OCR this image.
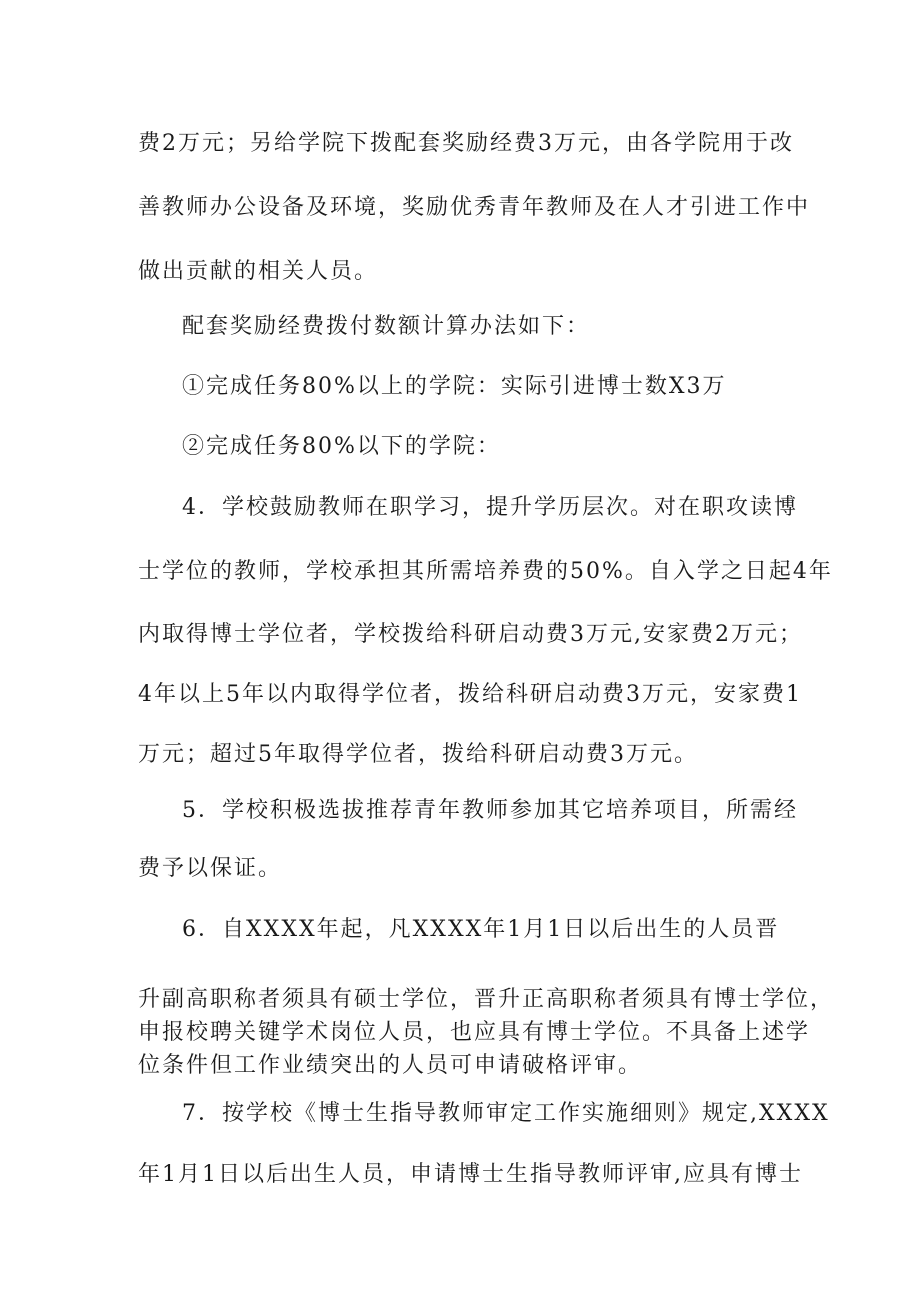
费2万元；另给学院下拨配套奖励经费3万元，由各学院用于改
善教师办公设备及环境，奖励优秀青年教师及在人才引进工作中
做出贡献的相关人员。
配套奖励经费拨付数额计算办法如下：
①完成任务80%以上的学院：实际引进博士数X3万
②完成任务80%以下的学院：
4．学校鼓励教师在职学习，提升学历层次。对在职攻读博
士学位的教师，学校承担其所需培养费的50%。自入学之日起4年
内取得博士学位者，学校拨给科研启动费3万元,安家费2万元；
4年以上5年以内取得学位者，拨给科研启动费3万元，安家费1
万元；超过5年取得学位者，拨给科研启动费3万元。
5．学校积极选拔推荐青年教师参加其它培养项目，所需经
费予以保证。
6．自XXXX年起，凡XXXX年1月1日以后出生的人员晋
升副高职称者须具有硕士学位，晋升正高职称者须具有博士学位，
申报校聘关键学术岗位人员，也应具有博士学位。不具备上述学
位条件但工作业绩突出的人员可申请破格评审。
7．按学校《博士生指导教师审定工作实施细则》规定,XXXX
年1月1日以后出生人员，申请博士生指导教师评审,应具有博士
